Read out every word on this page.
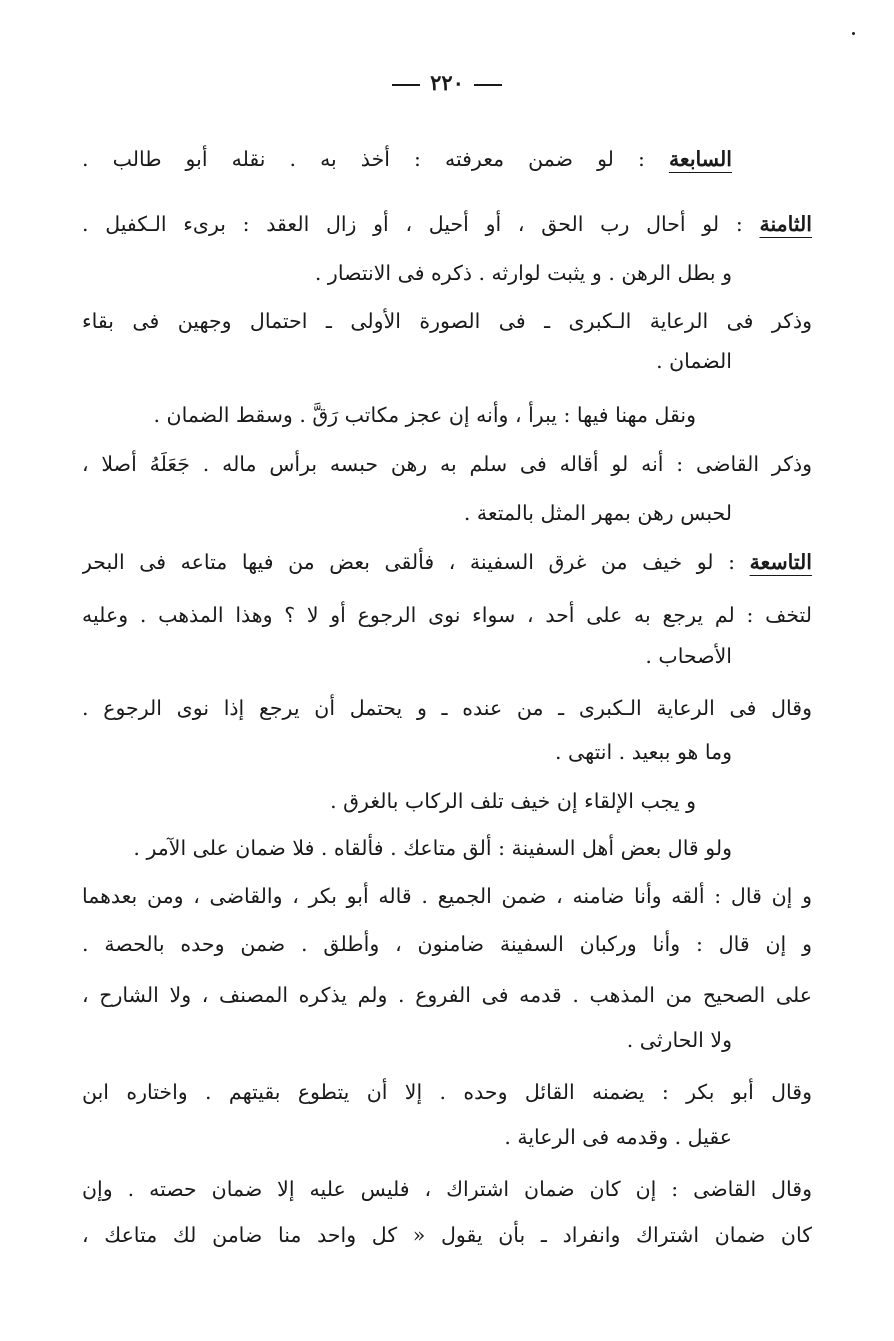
٢٢٠
السابعة : لو ضمن معرفته : أخذ به . نقله أبو طالب .
الثامنة : لو أحال رب الحق ، أو أحيل ، أو زال العقد : برىء الـكفيل .
و بطل الرهن . و يثبت لوارثه . ذكره فى الانتصار .
وذكر فى الرعاية الـكبرى ـ فى الصورة الأولى ـ احتمال وجهين فى بقاء
الضمان .
ونقل مهنا فيها : يبرأ ، وأنه إن عجز مكاتب رَقَّ . وسقط الضمان .
وذكر القاضى : أنه لو أقاله فى سلم به رهن حبسه برأس ماله . جَعَلَهُ أصلا ،
لحبس رهن بمهر المثل بالمتعة .
التاسعة : لو خيف من غرق السفينة ، فألقى بعض من فيها متاعه فى البحر
لتخف : لم يرجع به على أحد ، سواء نوى الرجوع أو لا ؟ وهذا المذهب . وعليه
الأصحاب .
وقال فى الرعاية الـكبرى ـ من عنده ـ و يحتمل أن يرجع إذا نوى الرجوع .
وما هو ببعيد . انتهى .
و يجب الإلقاء إن خيف تلف الركاب بالغرق .
ولو قال بعض أهل السفينة : ألق متاعك . فألقاه . فلا ضمان على الآمر .
و إن قال : ألقه وأنا ضامنه ، ضمن الجميع . قاله أبو بكر ، والقاضى ، ومن بعدهما
و إن قال : وأنا وركبان السفينة ضامنون ، وأطلق . ضمن وحده بالحصة .
على الصحيح من المذهب . قدمه فى الفروع . ولم يذكره المصنف ، ولا الشارح ،
ولا الحارثى .
وقال أبو بكر : يضمنه القائل وحده . إلا أن يتطوع بقيتهم . واختاره ابن
عقيل . وقدمه فى الرعاية .
وقال القاضى : إن كان ضمان اشتراك ، فليس عليه إلا ضمان حصته . وإن
كان ضمان اشتراك وانفراد ـ بأن يقول « كل واحد منا ضامن لك متاعك ،
